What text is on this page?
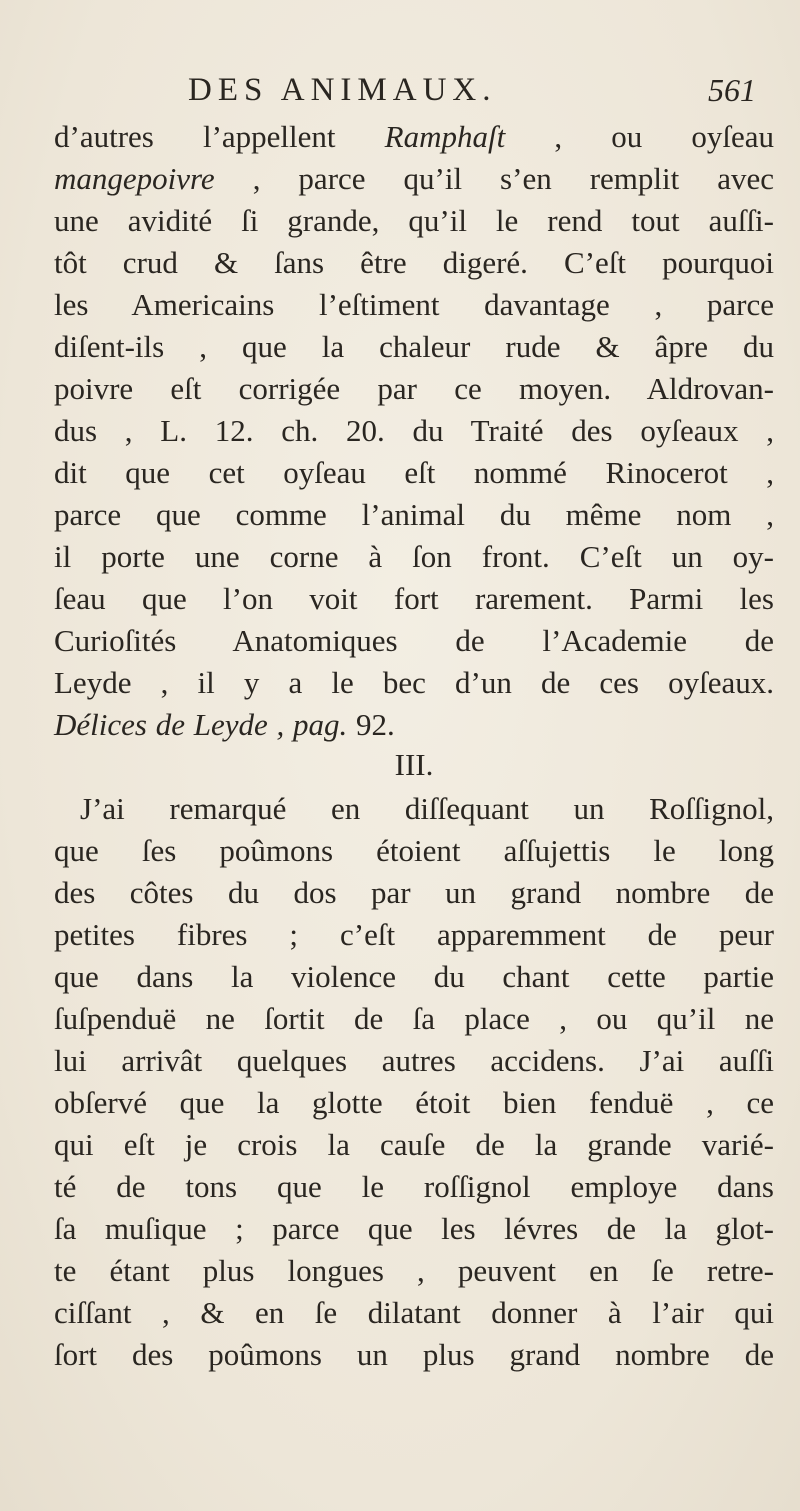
DES ANIMAUX.	561
d’autres l’appellent Ramphaſt , ou oyſeau
mangepoivre , parce qu’il s’en remplit avec
une avidité ſi grande, qu’il le rend tout auſſi-
tôt crud & ſans être digeré. C’eſt pourquoi
les Americains l’eſtiment davantage , parce
diſent-ils , que la chaleur rude & âpre du
poivre eſt corrigée par ce moyen. Aldrovan-
dus , L. 12. ch. 20. du Traité des oyſeaux ,
dit que cet oyſeau eſt nommé Rinocerot ,
parce que comme l’animal du même nom ,
il porte une corne à ſon front. C’eſt un oy-
ſeau que l’on voit fort rarement. Parmi les
Curioſités Anatomiques de l’Academie de
Leyde , il y a le bec d’un de ces oyſeaux.
Délices de Leyde , pag. 92.
III.
J’ai remarqué en diſſequant un Roſſignol,
que ſes poûmons étoient aſſujettis le long
des côtes du dos par un grand nombre de
petites fibres ; c’eſt apparemment de peur
que dans la violence du chant cette partie
ſuſpenduë ne ſortit de ſa place , ou qu’il ne
lui arrivât quelques autres accidens. J’ai auſſi
obſervé que la glotte étoit bien fenduë , ce
qui eſt je crois la cauſe de la grande varié-
té de tons que le roſſignol employe dans
ſa muſique ; parce que les lévres de la glot-
te étant plus longues , peuvent en ſe retre-
ciſſant , & en ſe dilatant donner à l’air qui
ſort des poûmons un plus grand nombre de
